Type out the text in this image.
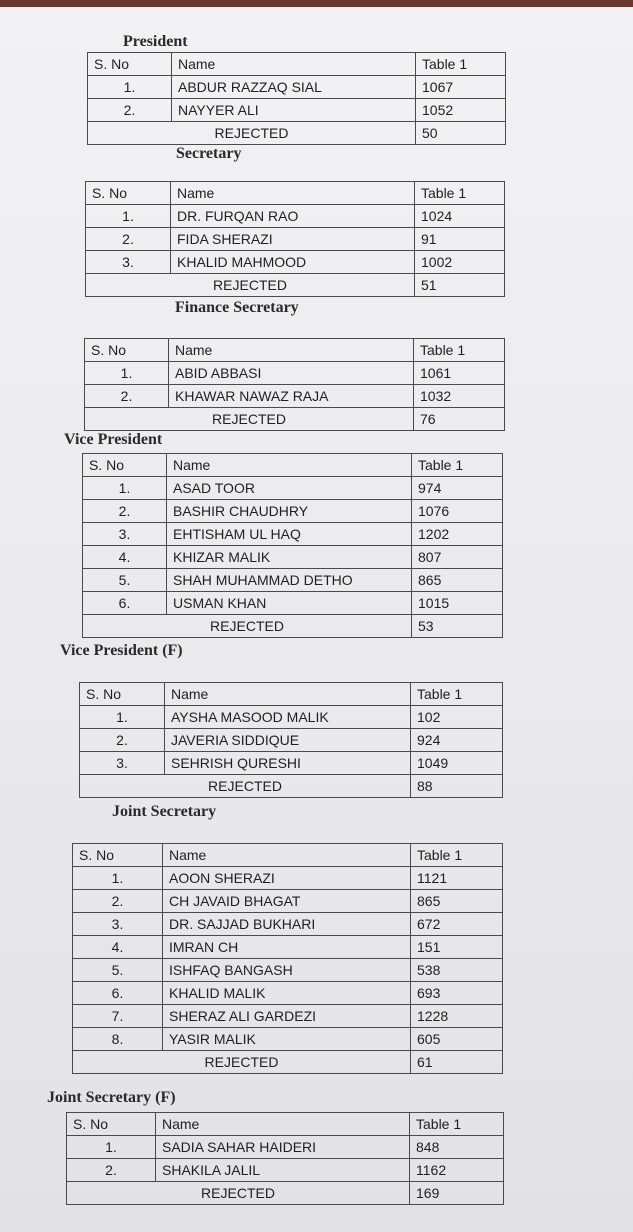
President
S. No	Name	Table 1
1.	ABDUR RAZZAQ SIAL	1067
2.	NAYYER ALI	1052
REJECTED		50
Secretary
S. No	Name	Table 1
1.	DR. FURQAN RAO	1024
2.	FIDA SHERAZI	91
3.	KHALID MAHMOOD	1002
REJECTED		51
Finance Secretary
S. No	Name	Table 1
1.	ABID ABBASI	1061
2.	KHAWAR NAWAZ RAJA	1032
REJECTED		76
Vice President
S. No	Name	Table 1
1.	ASAD TOOR	974
2.	BASHIR CHAUDHRY	1076
3.	EHTISHAM UL HAQ	1202
4.	KHIZAR MALIK	807
5.	SHAH MUHAMMAD DETHO	865
6.	USMAN KHAN	1015
REJECTED		53
Vice President (F)
S. No	Name	Table 1
1.	AYSHA MASOOD MALIK	102
2.	JAVERIA SIDDIQUE	924
3.	SEHRISH QURESHI	1049
REJECTED		88
Joint Secretary
S. No	Name	Table 1
1.	AOON SHERAZI	1121
2.	CH JAVAID BHAGAT	865
3.	DR. SAJJAD BUKHARI	672
4.	IMRAN CH	151
5.	ISHFAQ BANGASH	538
6.	KHALID MALIK	693
7.	SHERAZ ALI GARDEZI	1228
8.	YASIR MALIK	605
REJECTED		61
Joint Secretary (F)
S. No	Name	Table 1
1.	SADIA SAHAR HAIDERI	848
2.	SHAKILA JALIL	1162
REJECTED		169
